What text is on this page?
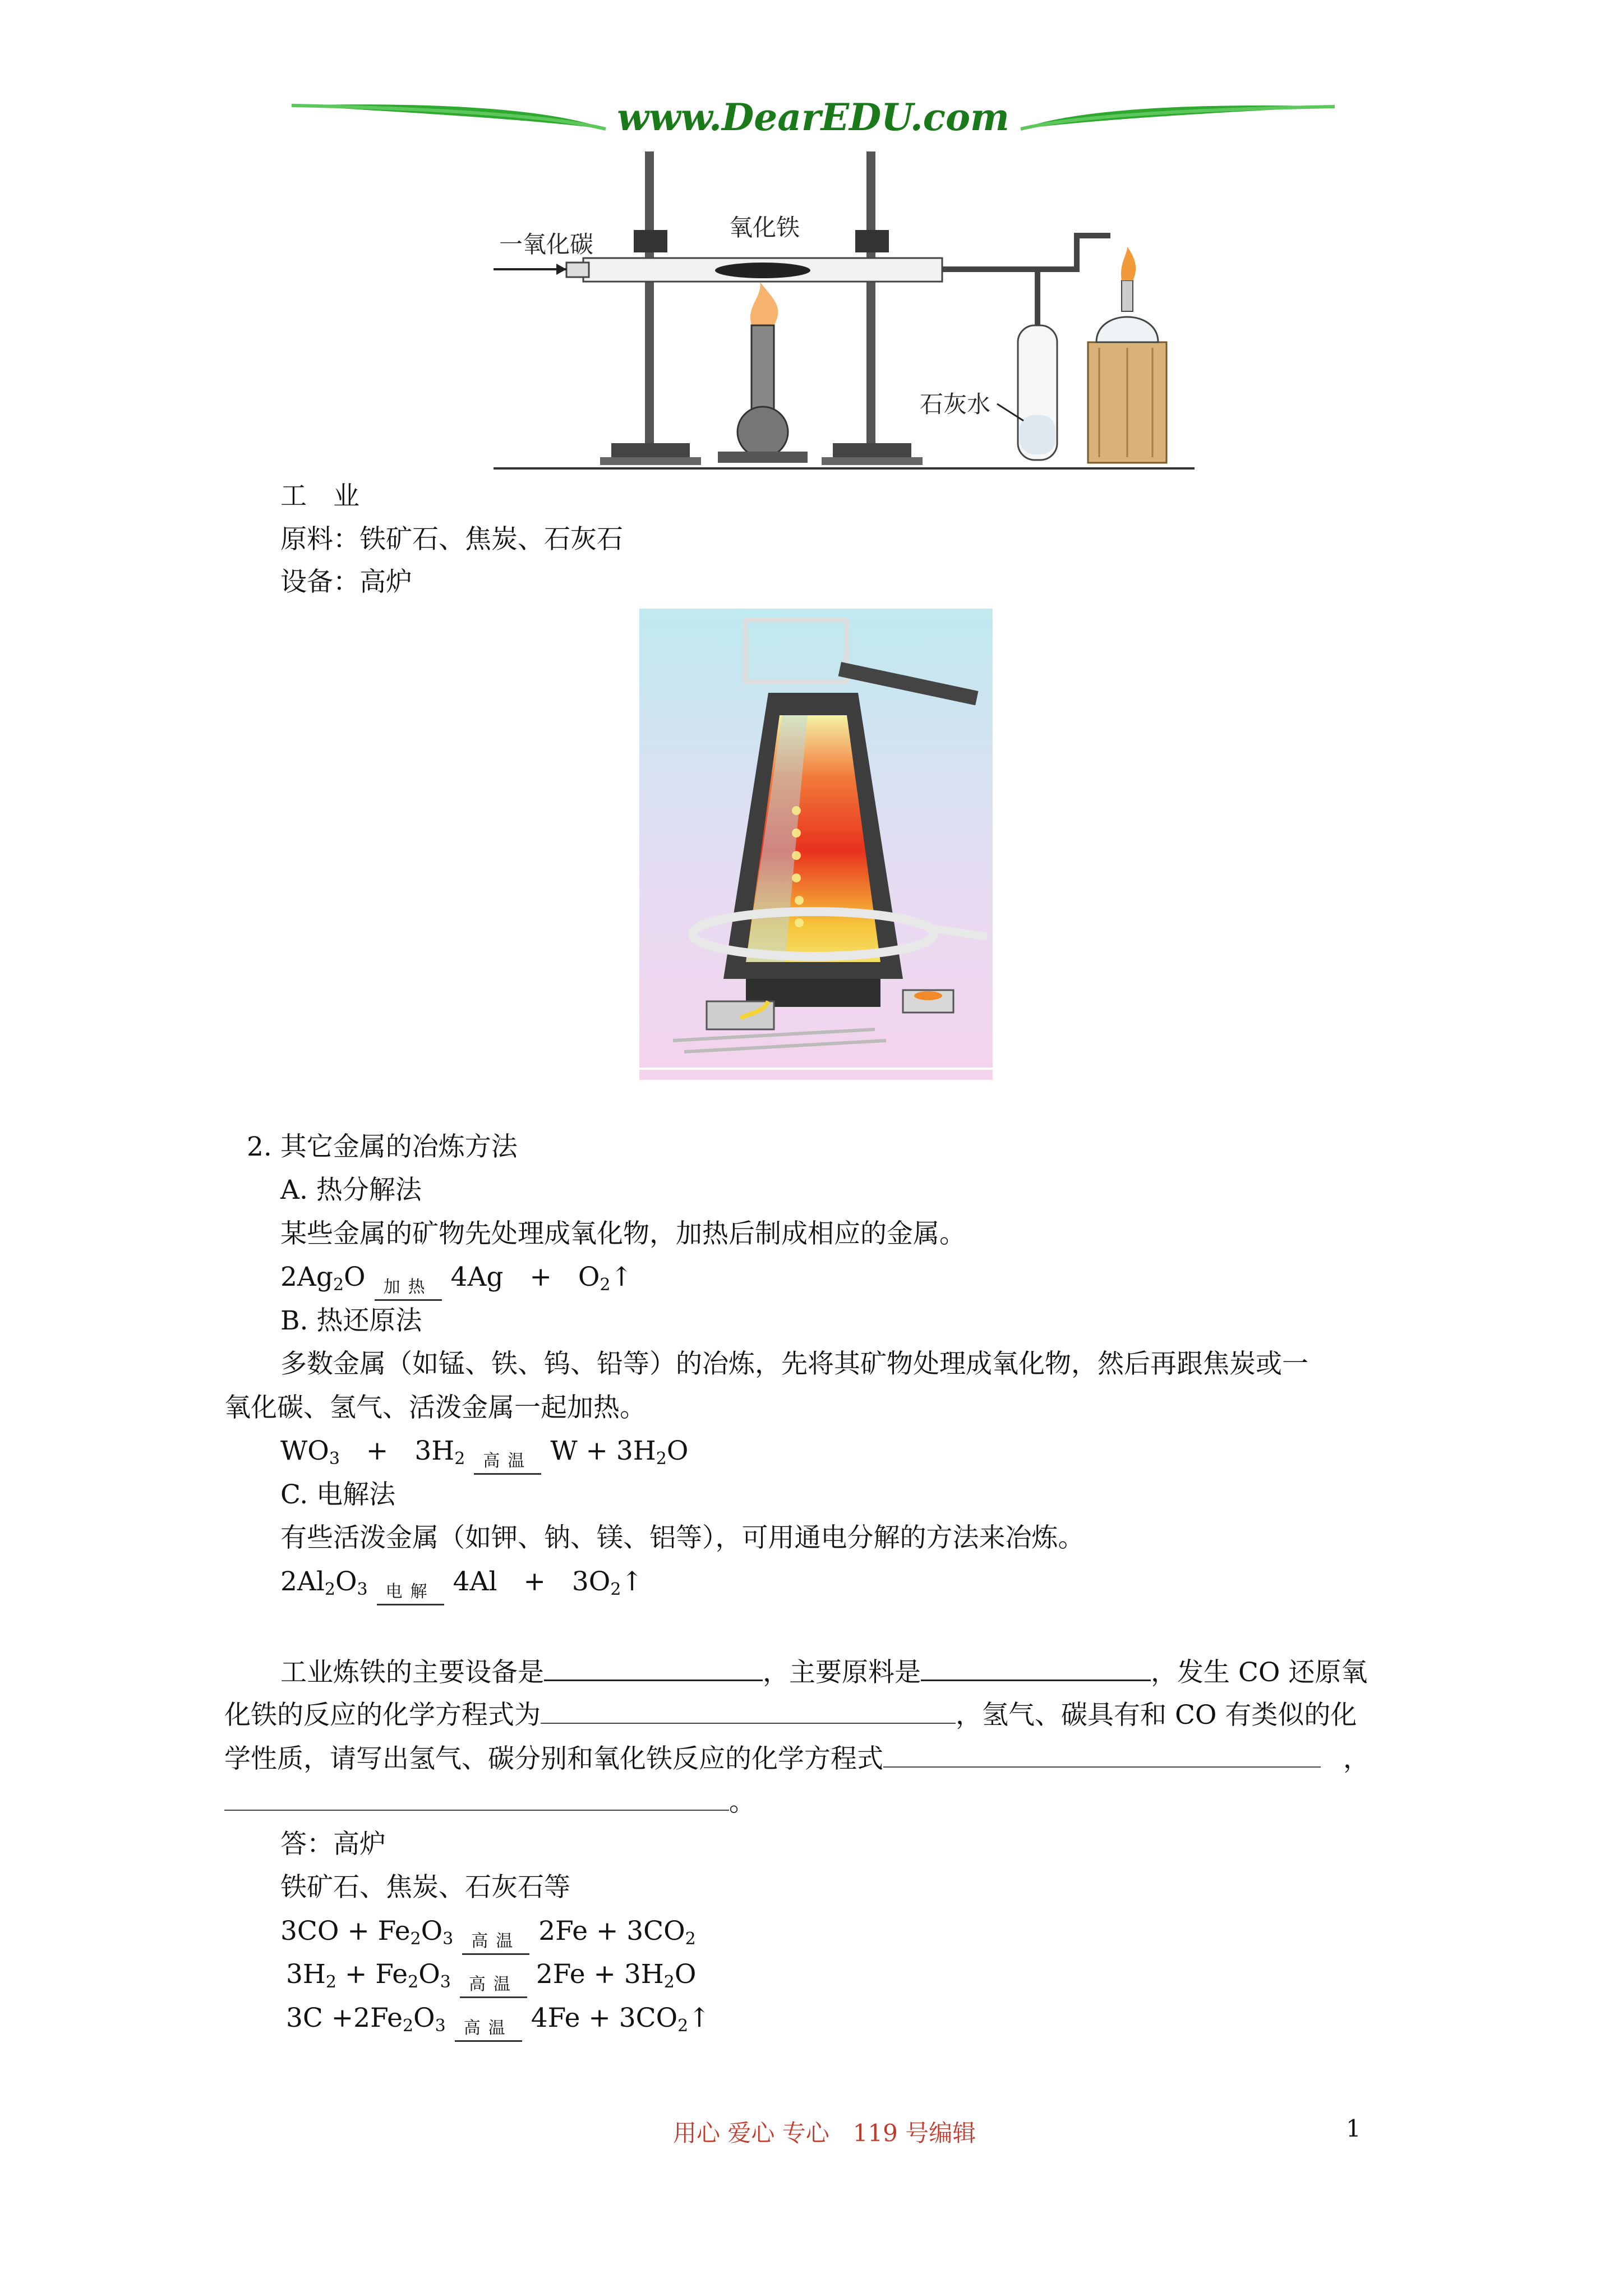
www.DearEDU.com
一氧化碳
氧化铁
石灰水
工　业
原料：铁矿石、焦炭、石灰石
设备：高炉
2. 其它金属的冶炼方法
A. 热分解法
某些金属的矿物先处理成氧化物，加热后制成相应的金属。
$2Ag_2O$	加热 4Ag　+　$O_2↑$
B. 热还原法
多数金属（如锰、铁、钨、铅等）的冶炼，先将其矿物处理成氧化物，然后再跟焦炭或一
氧化碳、氢气、活泼金属一起加热。
$WO_3$　+　$3H_2$	高温 $W + 3H_2O$
C. 电解法
有些活泼金属（如钾、钠、镁、铝等），可用通电分解的方法来冶炼。
$2Al_2O_3$	电解 4Al　+　$3O_2↑$
工业炼铁的主要设备是	，主要原料是	，发生 CO 还原氧
化铁的反应的化学方程式为	，氢气、碳具有和 CO 有类似的化
学性质，请写出氢气、碳分别和氧化铁反应的化学方程式	，
。
答：高炉
铁矿石、焦炭、石灰石等
$3CO + Fe_2O_3$	高温 $2Fe + 3CO_2$
$3H_2 + Fe_2O_3$	高温 $2Fe + 3H_2O$
$3C +2Fe_2O_3$	高温 $4Fe + 3CO_2↑$
用心 爱心 专心　119 号编辑	1
